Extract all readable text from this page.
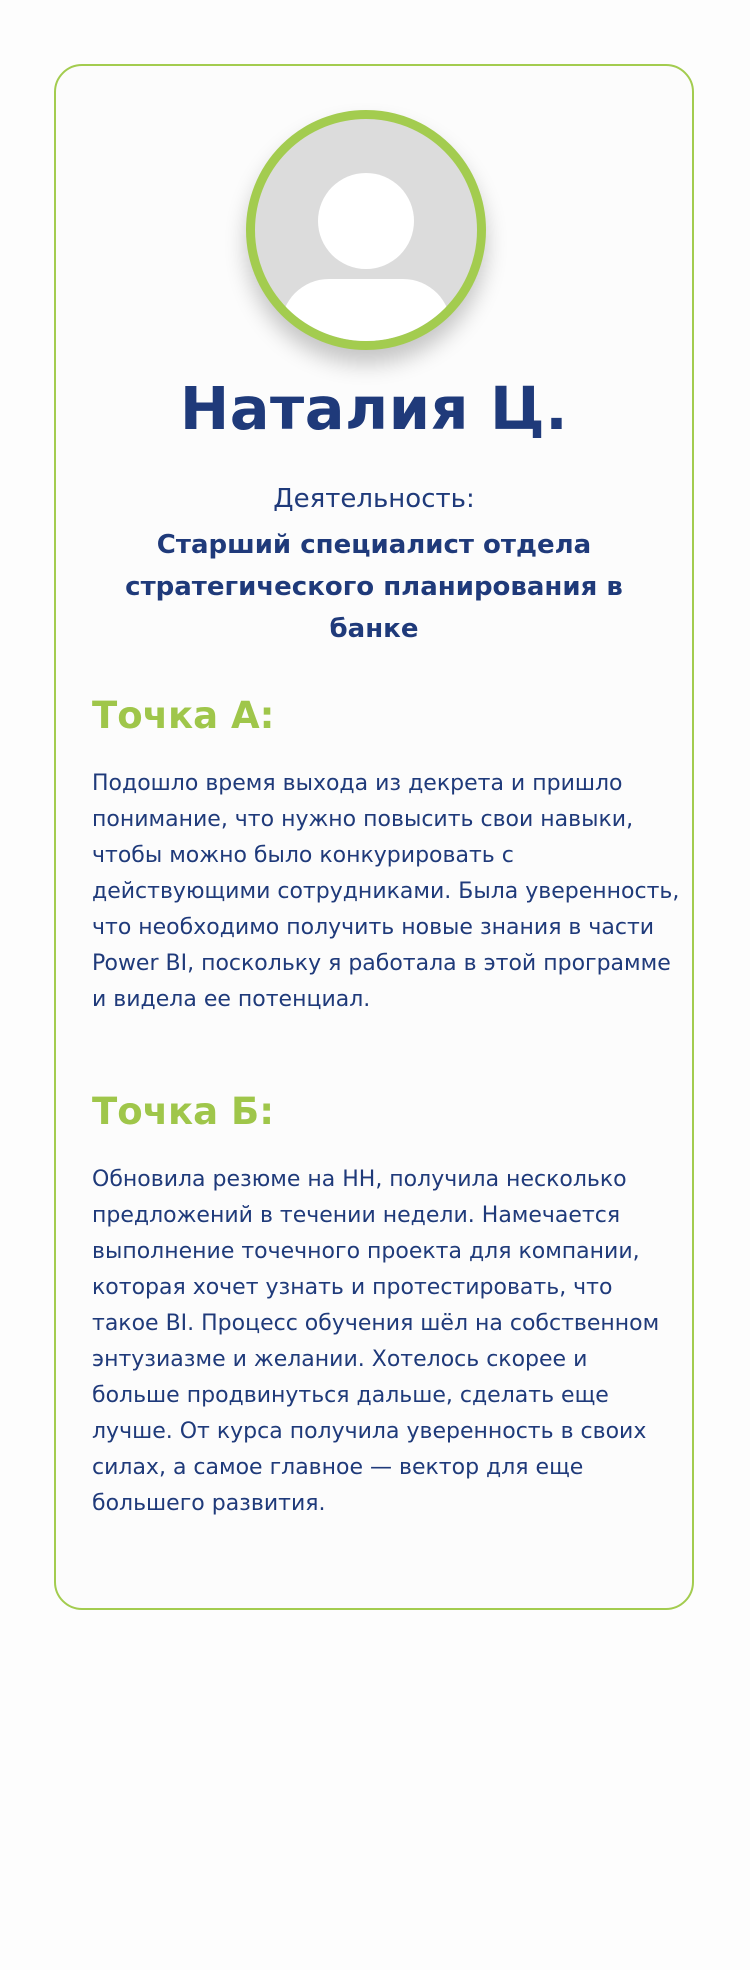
Наталия Ц.
Деятельность:
Старший специалист отдела стратегического планирования в банке
Точка А:
Подошло время выхода из декрета и пришло понимание, что нужно повысить свои навыки, чтобы можно было конкурировать с действующими сотрудниками. Была уверенность, что необходимо получить новые знания в части Power BI, поскольку я работала в этой программе и видела ее потенциал.
Точка Б:
Обновила резюме на HH, получила несколько предложений в течении недели. Намечается выполнение точечного проекта для компании, которая хочет узнать и протестировать, что такое BI. Процесс обучения шёл на собственном энтузиазме и желании. Хотелось скорее и больше продвинуться дальше, сделать еще лучше. От курса получила уверенность в своих силах, а самое главное — вектор для еще большего развития.
